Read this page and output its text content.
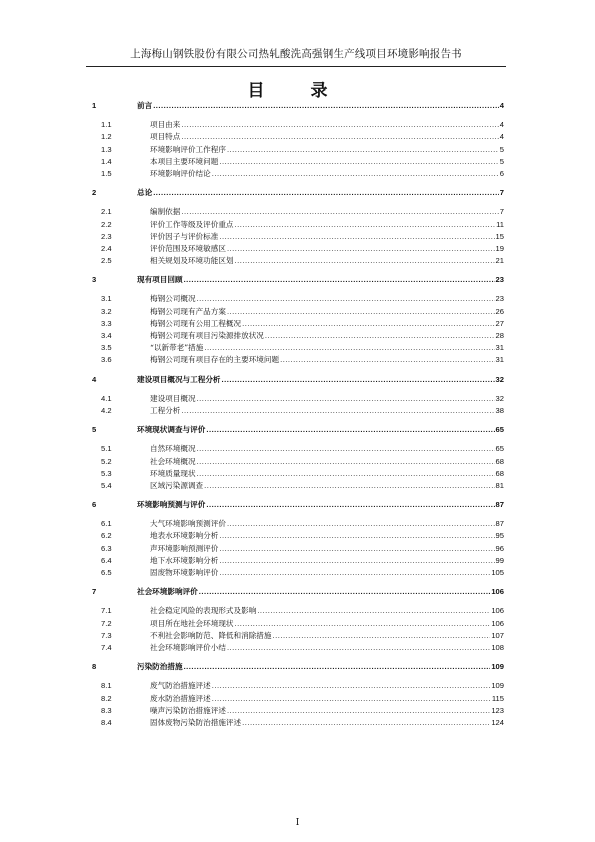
上海梅山钢铁股份有限公司热轧酸洗高强钢生产线项目环境影响报告书
目 录
1	前言 .....	4
1.1	项目由来 .....	4
1.2	项目特点 .....	4
1.3	环境影响评价工作程序 .....	5
1.4	本项目主要环境问题 .....	5
1.5	环境影响评价结论 .....	6
2	总论 .....	7
2.1	编制依据 .....	7
2.2	评价工作等级及评价重点 .....	11
2.3	评价因子与评价标准 .....	15
2.4	评价范围及环境敏感区 .....	19
2.5	相关规划及环境功能区划 .....	21
3	现有项目回顾 .....	23
3.1	梅钢公司概况 .....	23
3.2	梅钢公司现有产品方案 .....	26
3.3	梅钢公司现有公用工程概况 .....	27
3.4	梅钢公司现有项目污染源排放状况 .....	28
3.5	“以新带老”措施 .....	31
3.6	梅钢公司现有项目存在的主要环境问题 .....	31
4	建设项目概况与工程分析 .....	32
4.1	建设项目概况 .....	32
4.2	工程分析 .....	38
5	环境现状调查与评价 .....	65
5.1	自然环境概况 .....	65
5.2	社会环境概况 .....	68
5.3	环境质量现状 .....	68
5.4	区域污染源调查 .....	81
6	环境影响预测与评价 .....	87
6.1	大气环境影响预测评价 .....	87
6.2	地表水环境影响分析 .....	95
6.3	声环境影响预测评价 .....	96
6.4	地下水环境影响分析 .....	99
6.5	固废物环境影响评价 .....	105
7	社会环境影响评价 .....	106
7.1	社会稳定风险的表现形式及影响 .....	106
7.2	项目所在地社会环境现状 .....	106
7.3	不利社会影响防范、降低和消除措施 .....	107
7.4	社会环境影响评价小结 .....	108
8	污染防治措施 .....	109
8.1	废气防治措施评述 .....	109
8.2	废水防治措施评述 .....	115
8.3	噪声污染防治措施评述 .....	123
8.4	固体废物污染防治措施评述 .....	124
I
